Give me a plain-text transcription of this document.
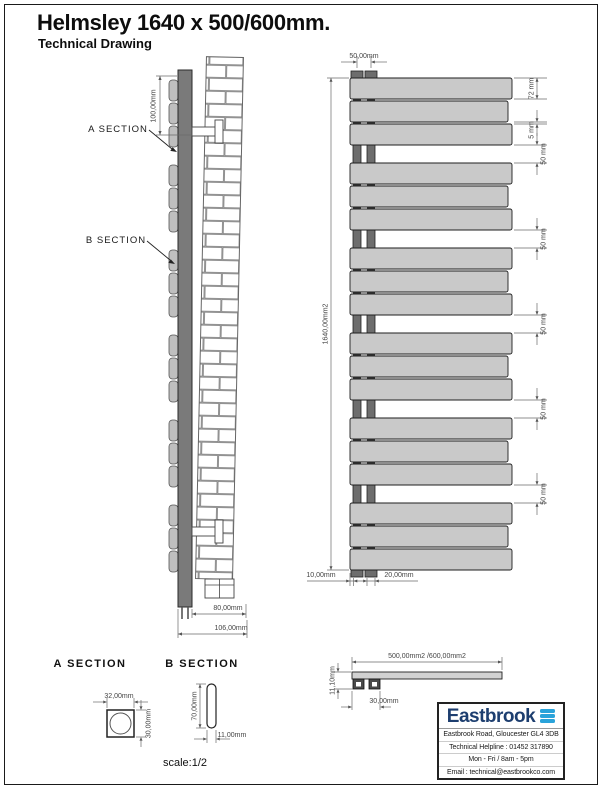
Helmsley 1640 x 500/600mm.
Technical Drawing
100,00mm
A SECTION
B SECTION
80,00mm
106,00mm
50 mm
50 mm
50 mm
50 mm
50 mm
50,00mm
1640,00mm2
72 mm
5 mm
10,00mm	20,00mm
A SECTION
32,00mm
30,00mm
B SECTION
70,00mm
11,00mm
500,00mm2 /600,00mm2
11,10mm
30,00mm
scale:1/2
Eastbrook
Eastbrook Road, Gloucester GL4 3DB
Technical Helpline : 01452 317890
Mon - Fri / 8am - 5pm
Email : technical@eastbrookco.com
